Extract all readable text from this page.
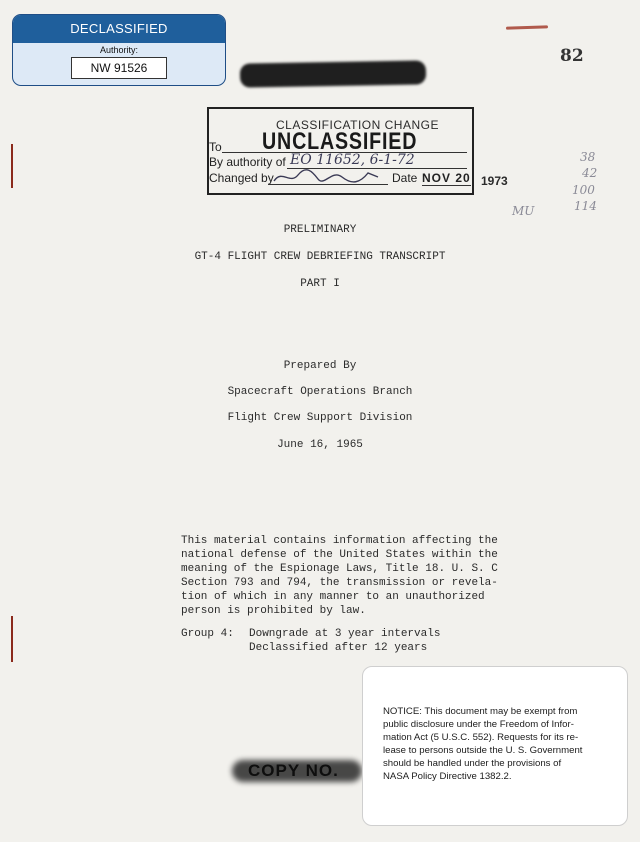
DECLASSIFIED
Authority:
NW 91526
82
CLASSIFICATION CHANGE
To UNCLASSIFIED
By authority of EO 11652, 6-1-72
Changed by	Date NOV 20 1973
38
42
100
114
MU
PRELIMINARY
GT-4 FLIGHT CREW DEBRIEFING TRANSCRIPT
PART I
Prepared By
Spacecraft Operations Branch
Flight Crew Support Division
June 16, 1965
This material contains information affecting the
national defense of the United States within the
meaning of the Espionage Laws, Title 18. U. S. C
Section 793 and 794, the transmission or revela-
tion of which in any manner to an unauthorized
person is prohibited by law.
Group 4: Downgrade at 3 year intervals
Declassified after 12 years
COPY NO.

NOTICE: This document may be exempt from

public disclosure under the Freedom of Infor-

mation Act (5 U.S.C. 552). Requests for its re-

lease to persons outside the U. S. Government

should be handled under the provisions of

NASA Policy Directive 1382.2.
